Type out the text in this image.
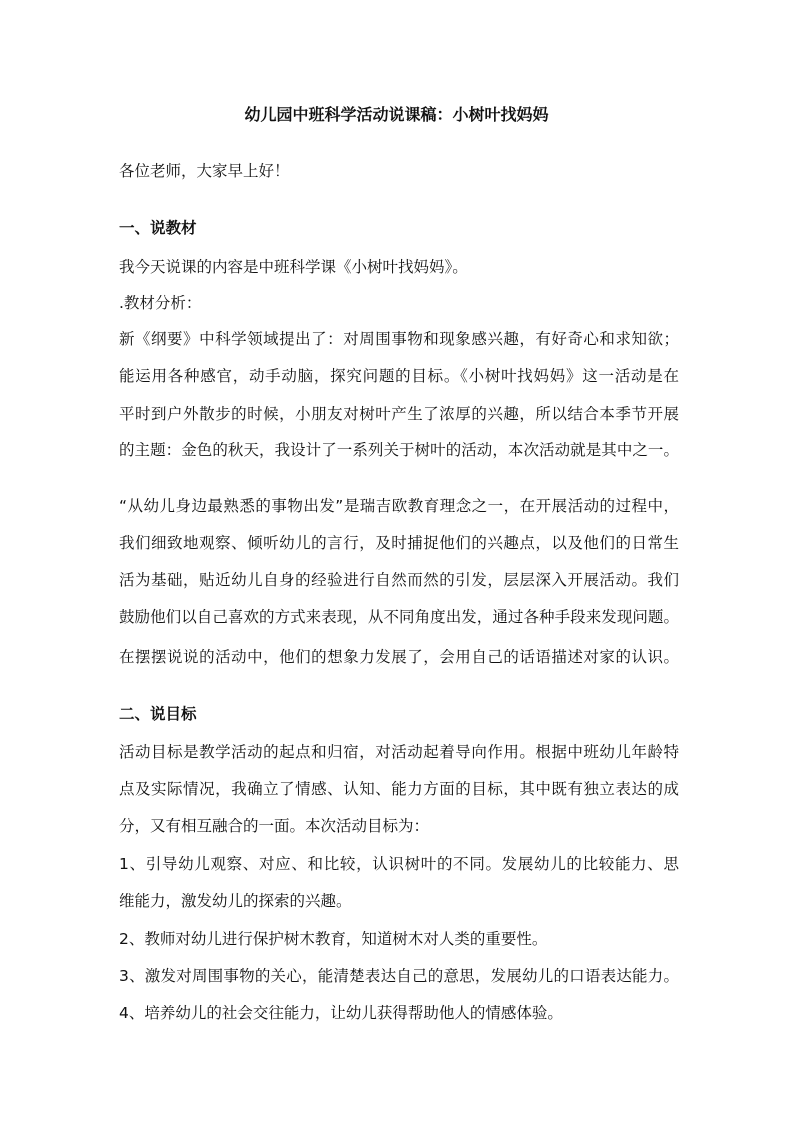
幼儿园中班科学活动说课稿：小树叶找妈妈

各位老师，大家早上好！

一、说教材

我今天说课的内容是中班科学课《小树叶找妈妈》。

.教材分析：

新《纲要》中科学领域提出了：对周围事物和现象感兴趣，有好奇心和求知欲；

能运用各种感官，动手动脑，探究问题的目标。《小树叶找妈妈》这一活动是在

平时到户外散步的时候，小朋友对树叶产生了浓厚的兴趣，所以结合本季节开展

的主题：金色的秋天，我设计了一系列关于树叶的活动，本次活动就是其中之一。

“从幼儿身边最熟悉的事物出发”是瑞吉欧教育理念之一，在开展活动的过程中，

我们细致地观察、倾听幼儿的言行，及时捕捉他们的兴趣点，以及他们的日常生

活为基础，贴近幼儿自身的经验进行自然而然的引发，层层深入开展活动。我们

鼓励他们以自己喜欢的方式来表现，从不同角度出发，通过各种手段来发现问题。

在摆摆说说的活动中，他们的想象力发展了，会用自己的话语描述对家的认识。

二、说目标

活动目标是教学活动的起点和归宿，对活动起着导向作用。根据中班幼儿年龄特

点及实际情况，我确立了情感、认知、能力方面的目标，其中既有独立表达的成

分，又有相互融合的一面。本次活动目标为：

1、引导幼儿观察、对应、和比较，认识树叶的不同。发展幼儿的比较能力、思

维能力，激发幼儿的探索的兴趣。

2、教师对幼儿进行保护树木教育，知道树木对人类的重要性。

3、激发对周围事物的关心，能清楚表达自己的意思，发展幼儿的口语表达能力。

4、培养幼儿的社会交往能力，让幼儿获得帮助他人的情感体验。
